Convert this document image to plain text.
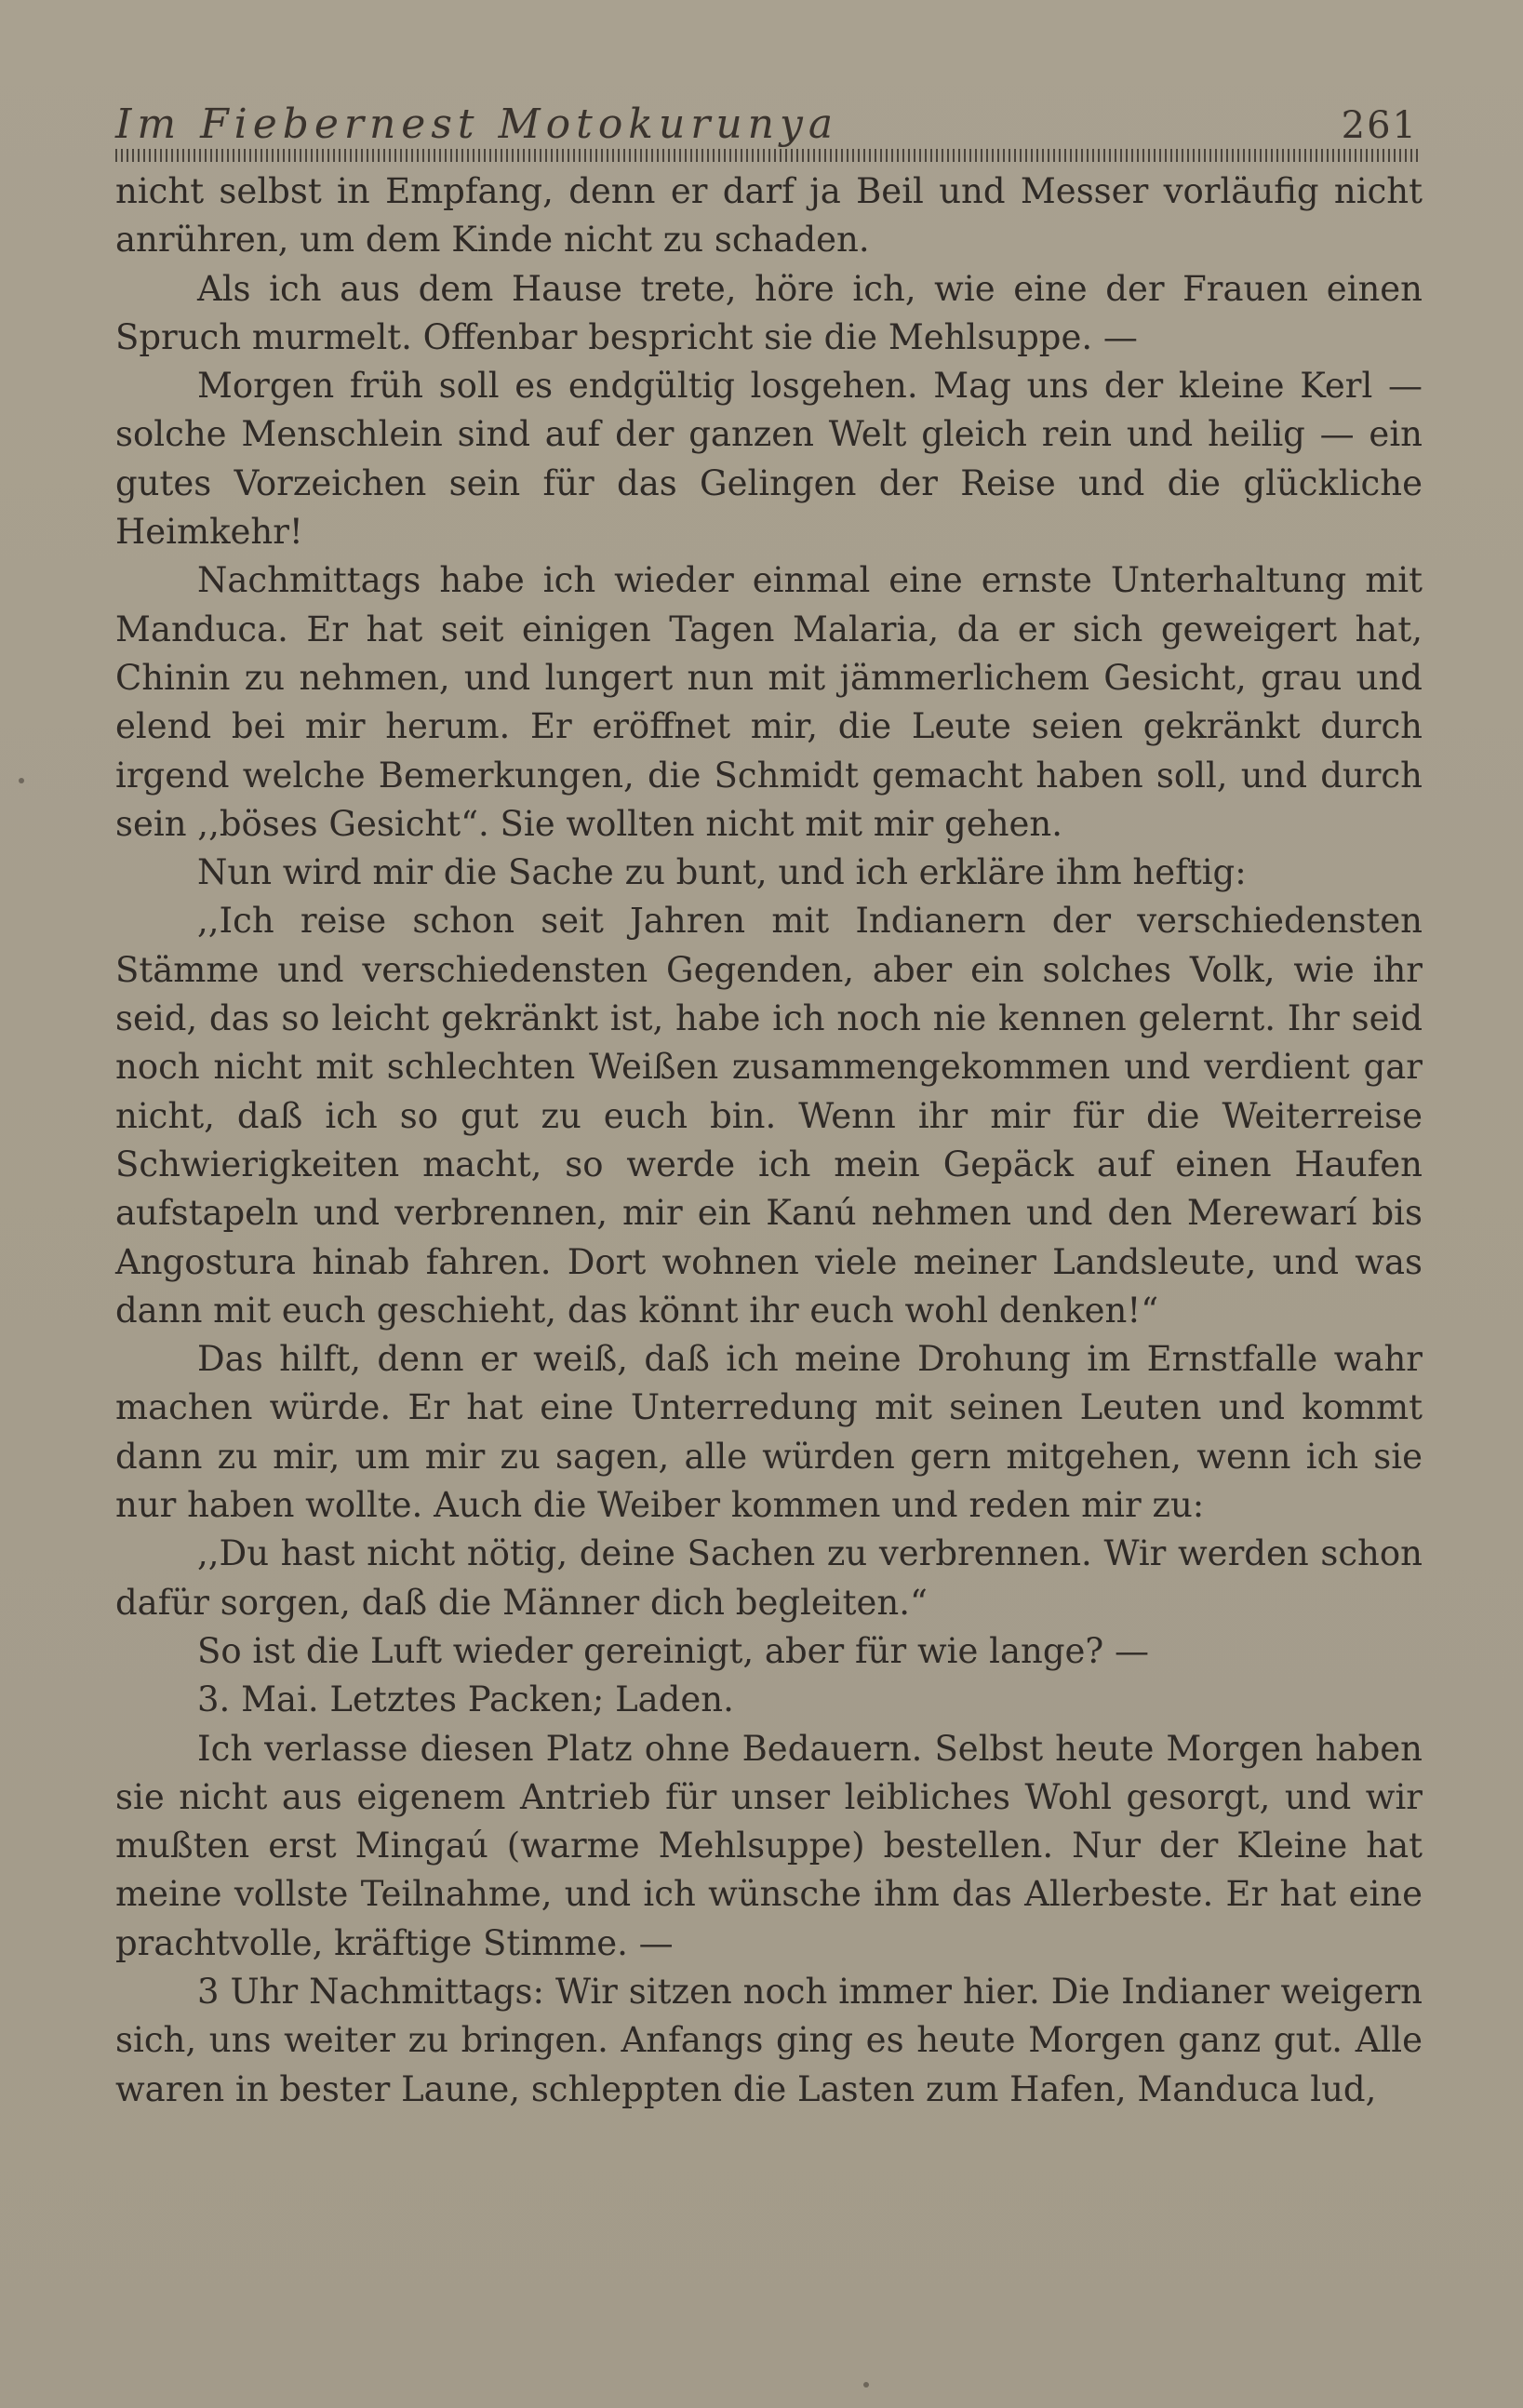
Im Fiebernest Motokurunya	261

nicht selbst in Empfang, denn er darf ja Beil und Messer vorläufig nicht anrühren, um dem Kinde nicht zu schaden.

Als ich aus dem Hause trete, höre ich, wie eine der Frauen einen Spruch murmelt. Offenbar bespricht sie die Mehlsuppe. —

Morgen früh soll es endgültig losgehen. Mag uns der kleine Kerl — solche Menschlein sind auf der ganzen Welt gleich rein und heilig — ein gutes Vorzeichen sein für das Gelingen der Reise und die glückliche Heimkehr!

Nachmittags habe ich wieder einmal eine ernste Unterhaltung mit Manduca. Er hat seit einigen Tagen Malaria, da er sich geweigert hat, Chinin zu nehmen, und lungert nun mit jämmerlichem Gesicht, grau und elend bei mir herum. Er eröffnet mir, die Leute seien gekränkt durch irgend welche Bemerkungen, die Schmidt gemacht haben soll, und durch sein ,,böses Gesicht“. Sie wollten nicht mit mir gehen.

Nun wird mir die Sache zu bunt, und ich erkläre ihm heftig:

,,Ich reise schon seit Jahren mit Indianern der verschiedensten Stämme und verschiedensten Gegenden, aber ein solches Volk, wie ihr seid, das so leicht gekränkt ist, habe ich noch nie kennen gelernt. Ihr seid noch nicht mit schlechten Weißen zusammengekommen und verdient gar nicht, daß ich so gut zu euch bin. Wenn ihr mir für die Weiterreise Schwierigkeiten macht, so werde ich mein Gepäck auf einen Haufen aufstapeln und verbrennen, mir ein Kanú nehmen und den Merewarí bis Angostura hinab fahren. Dort wohnen viele meiner Landsleute, und was dann mit euch geschieht, das könnt ihr euch wohl denken!“

Das hilft, denn er weiß, daß ich meine Drohung im Ernstfalle wahr machen würde. Er hat eine Unterredung mit seinen Leuten und kommt dann zu mir, um mir zu sagen, alle würden gern mitgehen, wenn ich sie nur haben wollte. Auch die Weiber kommen und reden mir zu:

,,Du hast nicht nötig, deine Sachen zu verbrennen. Wir werden schon dafür sorgen, daß die Männer dich begleiten.“

So ist die Luft wieder gereinigt, aber für wie lange? —

3. Mai. Letztes Packen; Laden.

Ich verlasse diesen Platz ohne Bedauern. Selbst heute Morgen haben sie nicht aus eigenem Antrieb für unser leibliches Wohl gesorgt, und wir mußten erst Mingaú (warme Mehlsuppe) bestellen. Nur der Kleine hat meine vollste Teilnahme, und ich wünsche ihm das Allerbeste. Er hat eine prachtvolle, kräftige Stimme. —

3 Uhr Nachmittags: Wir sitzen noch immer hier. Die Indianer weigern sich, uns weiter zu bringen. Anfangs ging es heute Morgen ganz gut. Alle waren in bester Laune, schleppten die Lasten zum Hafen, Manduca lud,
